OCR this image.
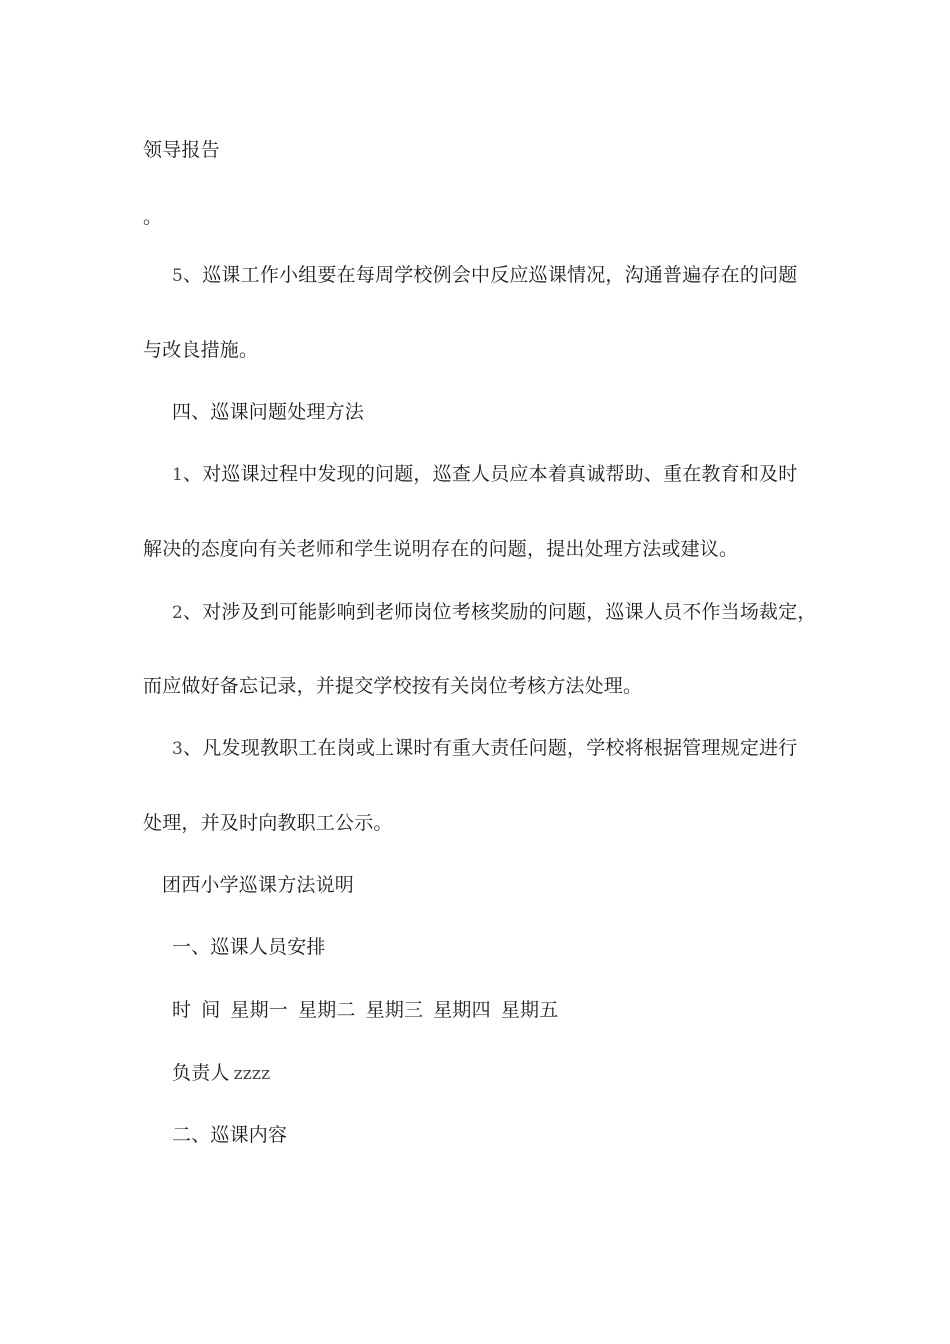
领导报告
。
5、巡课工作小组要在每周学校例会中反应巡课情况，沟通普遍存在的问题
与改良措施。
四、巡课问题处理方法
1、对巡课过程中发现的问题，巡查人员应本着真诚帮助、重在教育和及时
解决的态度向有关老师和学生说明存在的问题，提出处理方法或建议。
2、对涉及到可能影响到老师岗位考核奖励的问题，巡课人员不作当场裁定，
而应做好备忘记录，并提交学校按有关岗位考核方法处理。
3、凡发现教职工在岗或上课时有重大责任问题，学校将根据管理规定进行
处理，并及时向教职工公示。
团西小学巡课方法说明
一、巡课人员安排
时 间 星期一 星期二 星期三 星期四 星期五
负责人 zzzz
二、巡课内容
